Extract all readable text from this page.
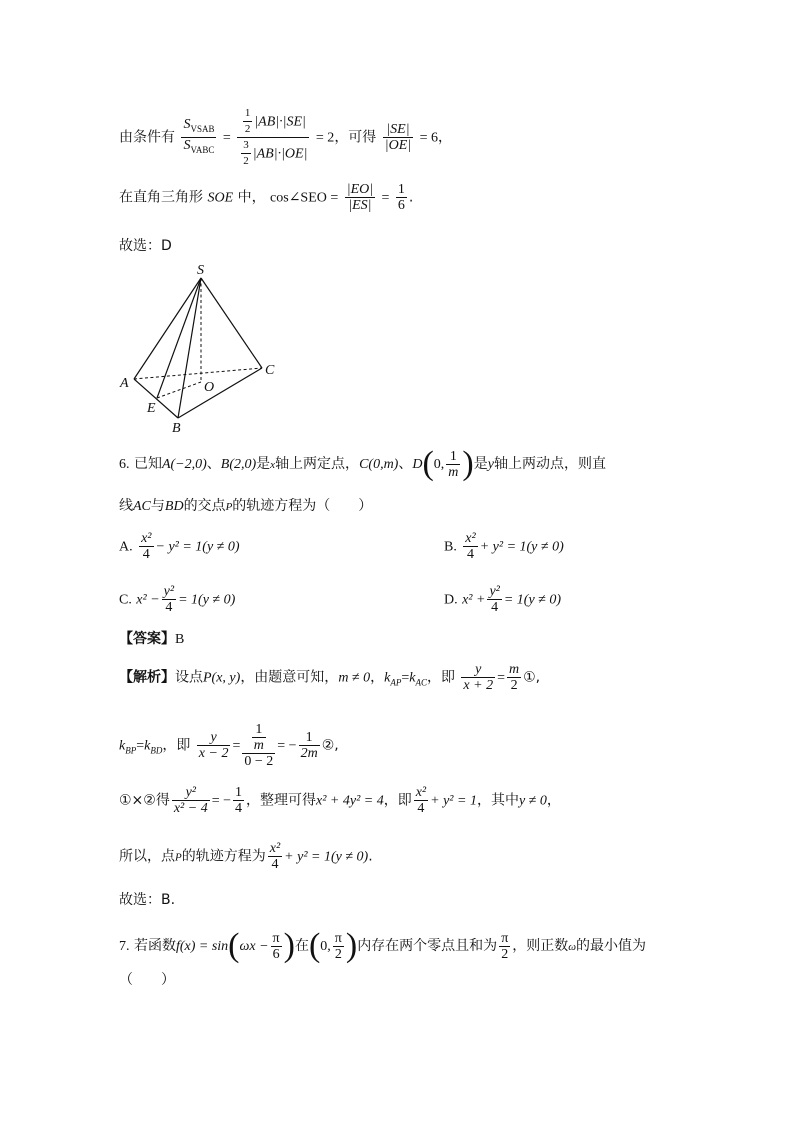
由条件有 $\frac{S_{VSAB}}{S_{VABC}} = \frac{\frac{1}{2} |AB|\cdot|SE|}{\frac{3}{2} |AB|\cdot|OE|} = 2$，可得 $\frac{|SE|}{|OE|} = 6$，
在直角三角形 SOE 中， cos∠SEO = $\frac{|EO|}{|ES|} = \frac{1}{6}$ .
故选：D
S
A
C
O
E
B
6. 已知A(−2,0)、B(2,0)是x轴上两定点，C(0,m)、D(0, $\frac{1}{m}$ )是y轴上两动点，则直
线AC与BD的交点P的轨迹方程为（　　）
A. $\frac{\text{x²}}{4} - y^2 = 1(y \ne 0)$	B. $\frac{\text{x²}}{4} + y^2 = 1(y \ne 0)$
C. $x^2 - \frac{\text{y²}}{4} = 1(y \ne 0)$	D. $x^2 + \frac{\text{y²}}{4} = 1(y \ne 0)$
【答案】B
【解析】设点P(x, y)，由题意可知，m ≠ 0，$k_{AP}=k_{AC}$，即 $\frac{y}{x + 2} = \frac{m}{2}$ ①,
$k_{BP}=k_{BD}$，即 $\frac{y}{x - 2} = \frac{\frac{1}{m}}{0 - 2}$ = − $\frac{1}{2m}$ ②,
①×②得 $\frac{\text{y²}}{\text{x² − 4}}$ = − $\frac{1}{4}$ ，整理可得x² + 4y² = 4，即 $\frac{\text{x²}}{4} + y^2 = 1$，其中y ≠ 0，
所以，点P的轨迹方程为 $\frac{\text{x²}}{4} + y^2 = 1(y \ne 0)$.
故选：B.
7. 若函数$f(x) = \sin(\omega x - \frac{\pi}{6}$ )在(0, $\frac{\pi}{2}$ )内存在两个零点且和为 $\frac{\pi}{2}$ ，则正数ω的最小值为
（　　）
